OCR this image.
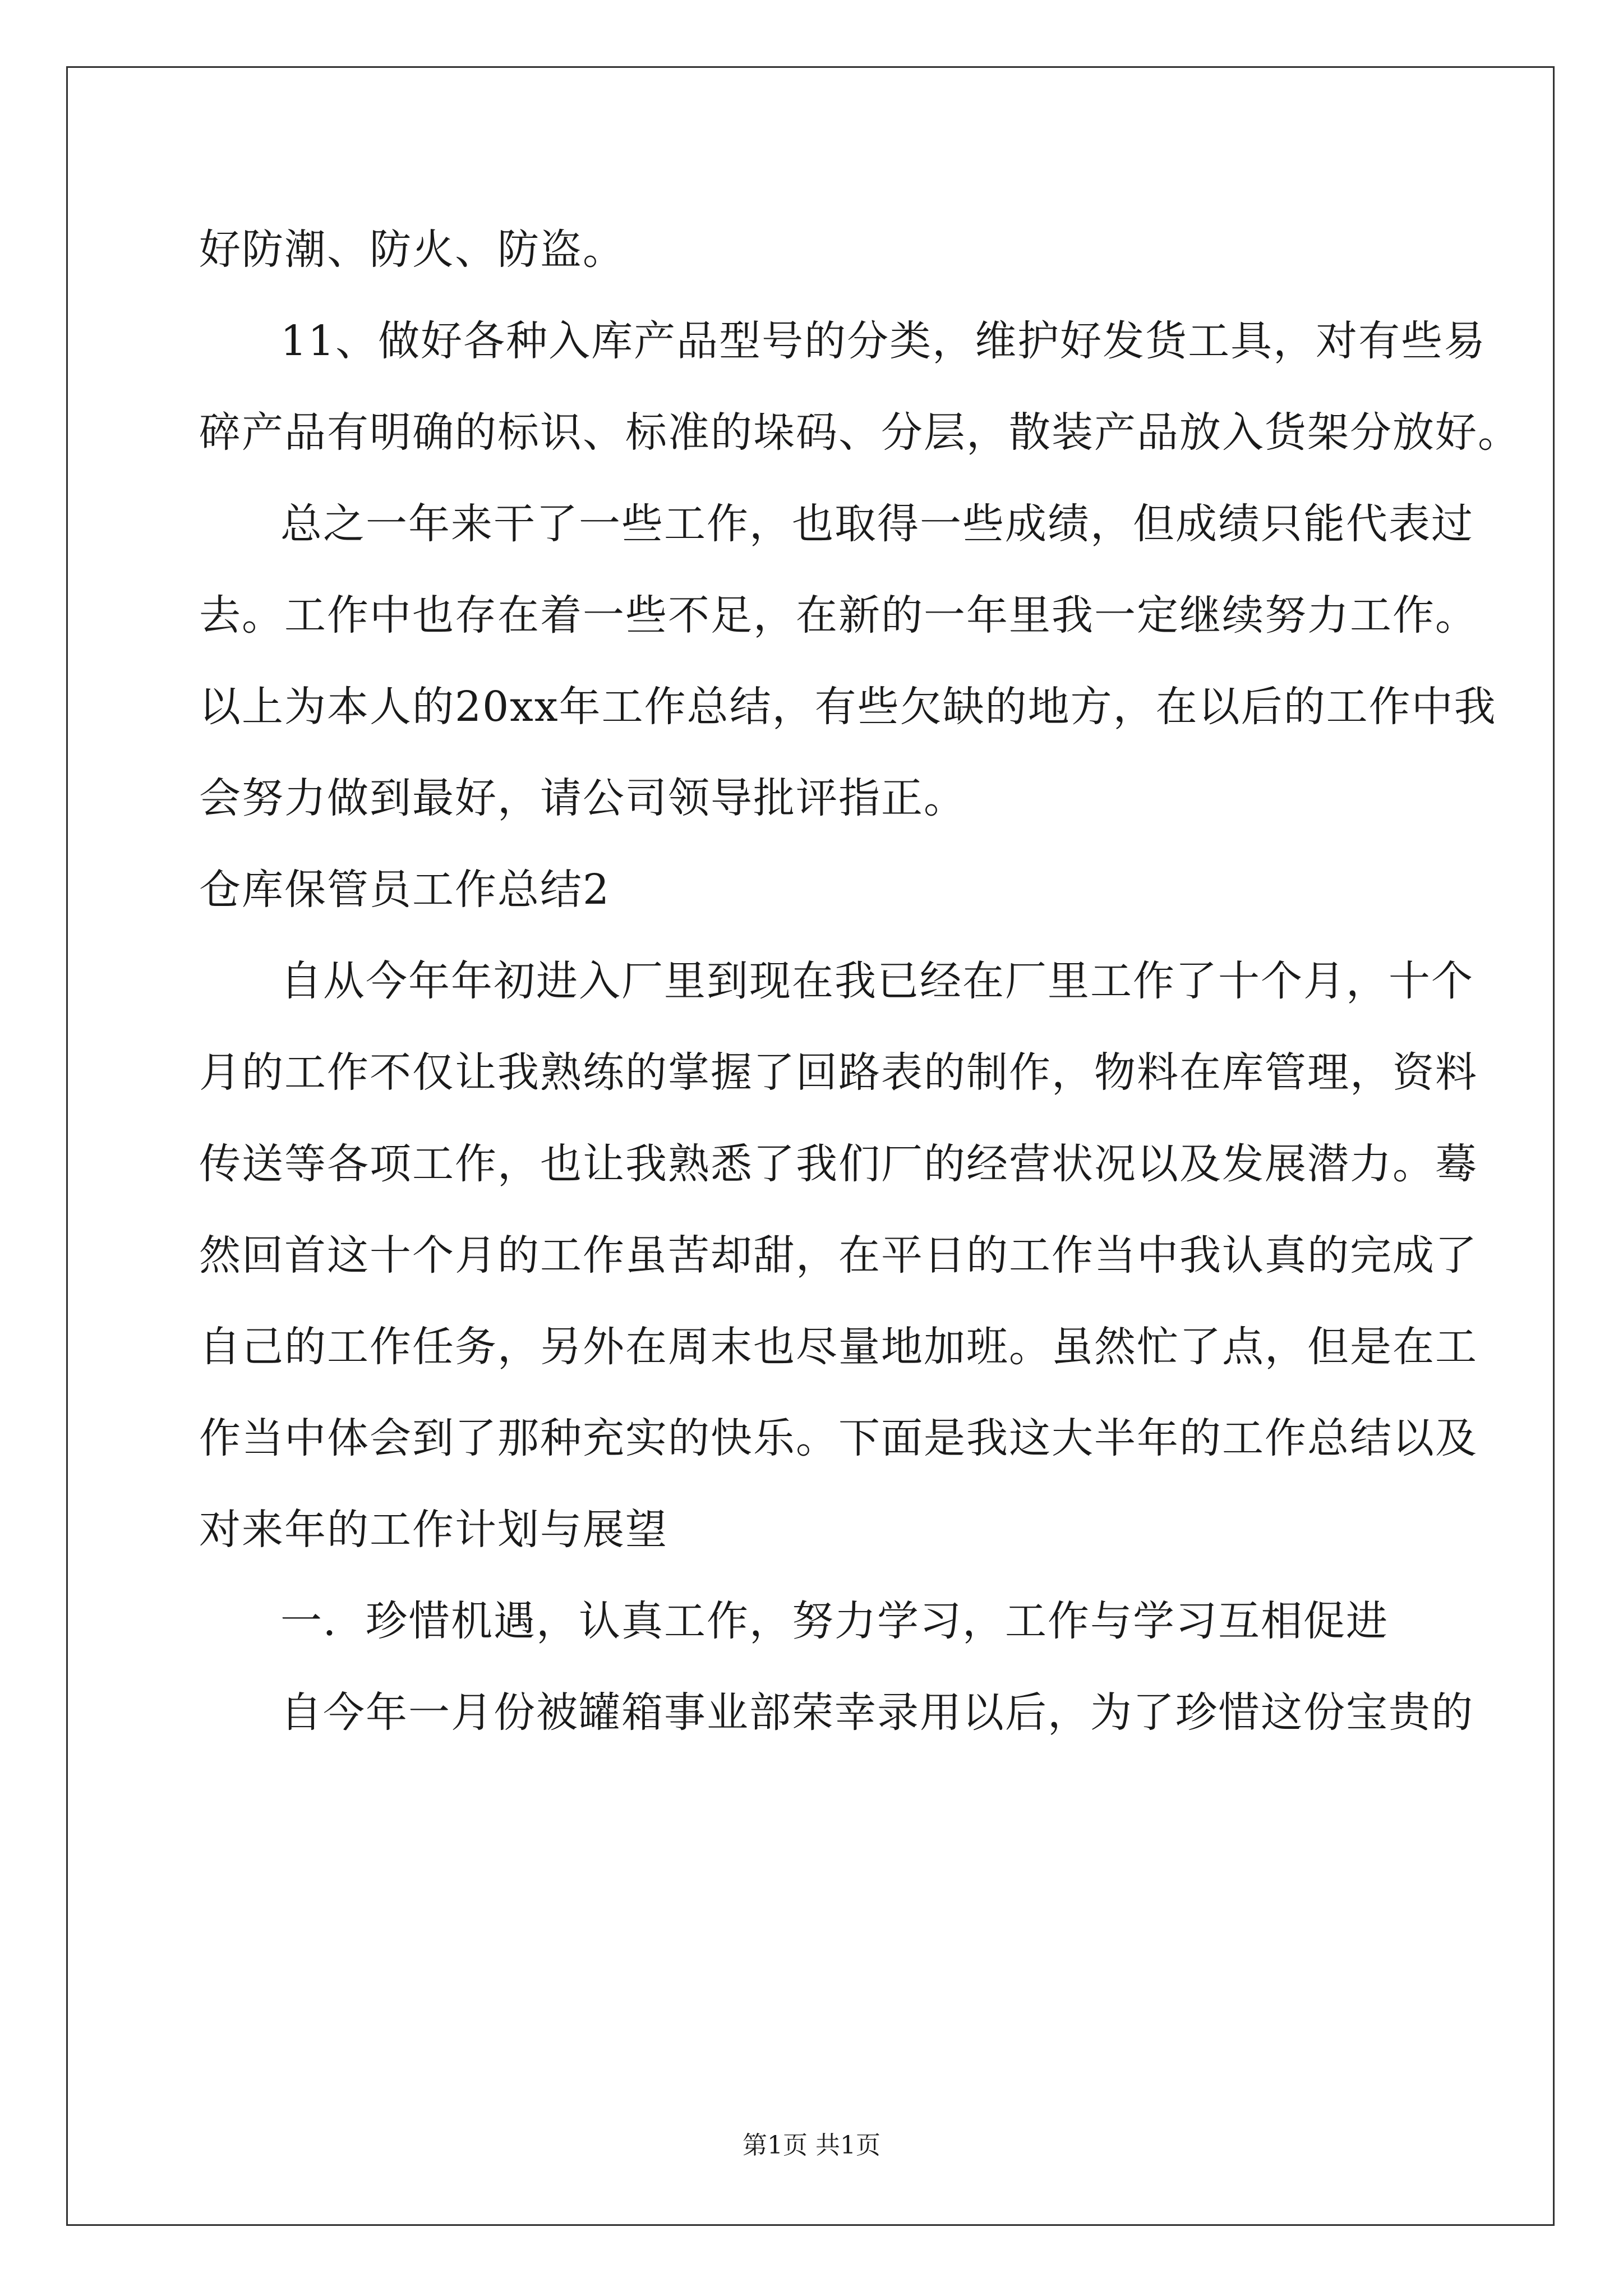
好防潮、防火、防盗。
11、做好各种入库产品型号的分类，维护好发货工具，对有些易
碎产品有明确的标识、标准的垛码、分层，散装产品放入货架分放好。
总之一年来干了一些工作，也取得一些成绩，但成绩只能代表过
去。工作中也存在着一些不足，在新的一年里我一定继续努力工作。
以上为本人的20xx年工作总结，有些欠缺的地方，在以后的工作中我
会努力做到最好，请公司领导批评指正。
仓库保管员工作总结2
自从今年年初进入厂里到现在我已经在厂里工作了十个月，十个
月的工作不仅让我熟练的掌握了回路表的制作，物料在库管理，资料
传送等各项工作，也让我熟悉了我们厂的经营状况以及发展潜力。蓦
然回首这十个月的工作虽苦却甜，在平日的工作当中我认真的完成了
自己的工作任务，另外在周末也尽量地加班。虽然忙了点，但是在工
作当中体会到了那种充实的快乐。下面是我这大半年的工作总结以及
对来年的工作计划与展望
一．珍惜机遇，认真工作，努力学习，工作与学习互相促进
自今年一月份被罐箱事业部荣幸录用以后，为了珍惜这份宝贵的
第1页 共1页
